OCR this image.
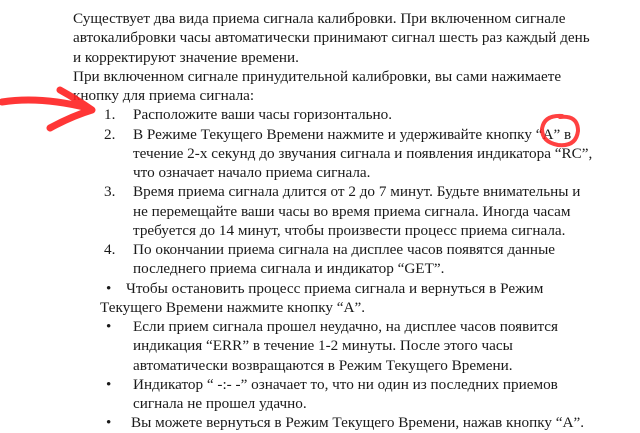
Существует два вида приема сигнала калибровки. При включенном сигнале
автокалибровки часы автоматически принимают сигнал шесть раз каждый день
и корректируют значение времени.
При включенном сигнале принудительной калибровки, вы сами нажимаете
кнопку для приема сигнала:
1. Расположите ваши часы горизонтально.
2. В Режиме Текущего Времени нажмите и удерживайте кнопку “A” в
течение 2-х секунд до звучания сигнала и появления индикатора “RC”,
что означает начало приема сигнала.
3. Время приема сигнала длится от 2 до 7 минут. Будьте внимательны и
не перемещайте ваши часы во время приема сигнала. Иногда часам
требуется до 14 минут, чтобы произвести процесс приема сигнала.
4. По окончании приема сигнала на дисплее часов появятся данные
последнего приема сигнала и индикатор “GET”.
• Чтобы остановить процесс приема сигнала и вернуться в Режим
Текущего Времени нажмите кнопку “A”.
• Если прием сигнала прошел неудачно, на дисплее часов появится
индикация “ERR” в течение 1-2 минуты. После этого часы
автоматически возвращаются в Режим Текущего Времени.
• Индикатор “ -:- -” означает то, что ни один из последних приемов
сигнала не прошел удачно.
• Вы можете вернуться в Режим Текущего Времени, нажав кнопку “A”.
